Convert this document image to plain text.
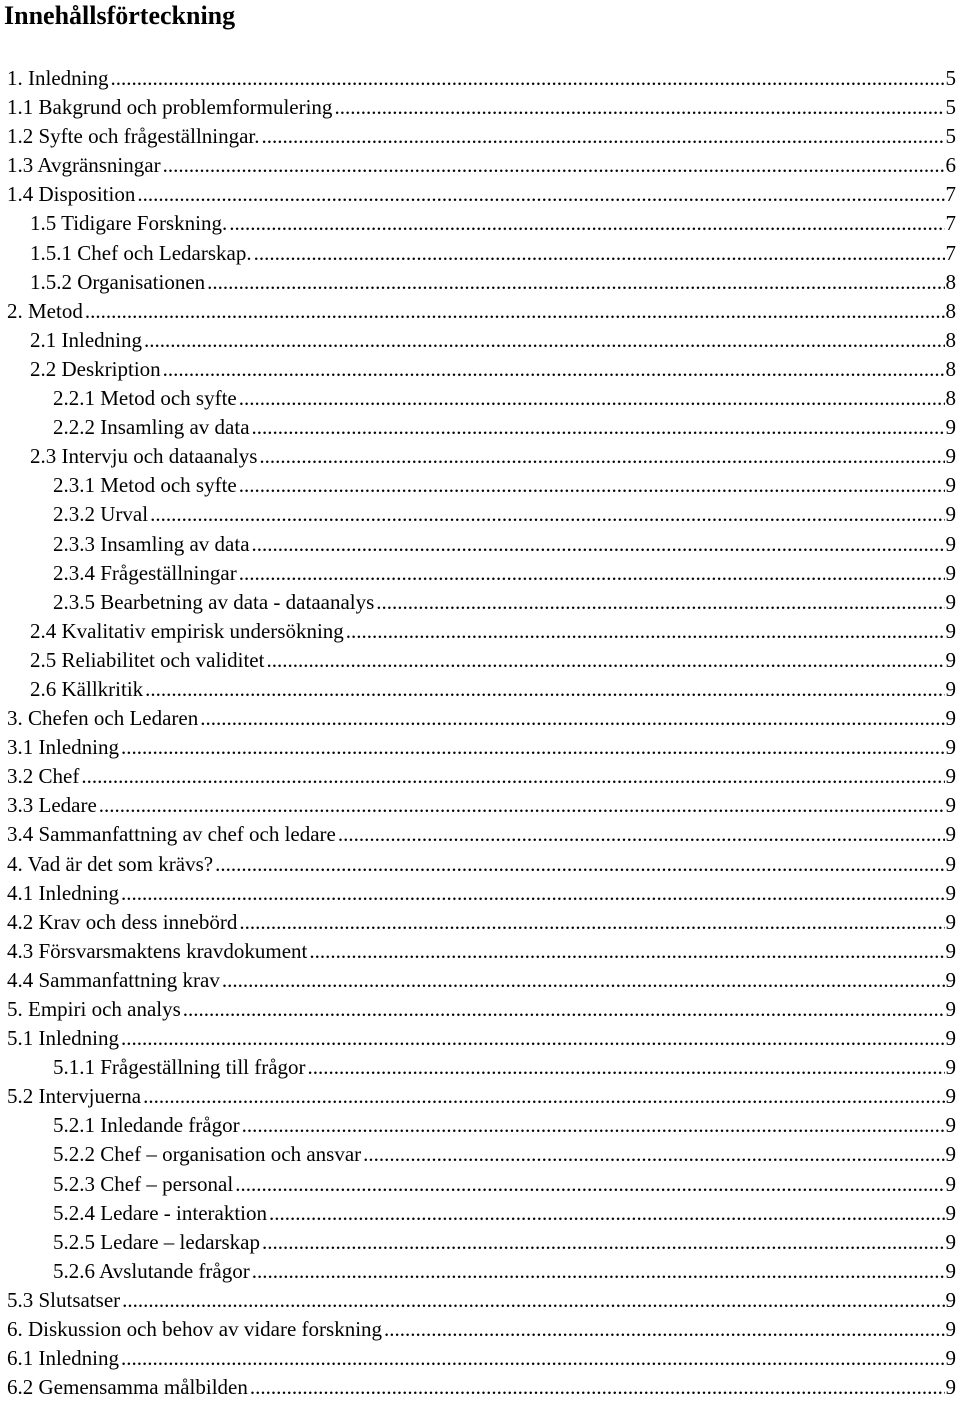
Innehållsförteckning
1. Inledning .....	5
1.1 Bakgrund och problemformulering .....	5
1.2 Syfte och frågeställningar. .....	5
1.3 Avgränsningar .....	6
1.4 Disposition .....	7
1.5 Tidigare Forskning. .....	7
1.5.1 Chef och Ledarskap. .....	7
1.5.2 Organisationen .....	8
2. Metod .....	8
2.1 Inledning .....	8
2.2 Deskription .....	8
2.2.1 Metod och syfte .....	8
2.2.2 Insamling av data .....	9
2.3 Intervju och dataanalys .....	9
2.3.1 Metod och syfte .....	9
2.3.2 Urval .....	9
2.3.3 Insamling av data .....	9
2.3.4 Frågeställningar .....	9
2.3.5 Bearbetning av data - dataanalys .....	9
2.4 Kvalitativ empirisk undersökning .....	9
2.5 Reliabilitet och validitet .....	9
2.6 Källkritik .....	9
3. Chefen och Ledaren .....	9
3.1 Inledning .....	9
3.2 Chef .....	9
3.3 Ledare .....	9
3.4 Sammanfattning av chef och ledare .....	9
4. Vad är det som krävs? .....	9
4.1 Inledning .....	9
4.2 Krav och dess innebörd .....	9
4.3 Försvarsmaktens kravdokument .....	9
4.4 Sammanfattning krav .....	9
5. Empiri och analys .....	9
5.1 Inledning .....	9
5.1.1 Frågeställning till frågor .....	9
5.2 Intervjuerna .....	9
5.2.1 Inledande frågor .....	9
5.2.2 Chef – organisation och ansvar .....	9
5.2.3 Chef – personal .....	9
5.2.4 Ledare - interaktion .....	9
5.2.5 Ledare – ledarskap .....	9
5.2.6 Avslutande frågor .....	9
5.3 Slutsatser .....	9
6. Diskussion och behov av vidare forskning .....	9
6.1 Inledning .....	9
6.2 Gemensamma målbilden .....	9
